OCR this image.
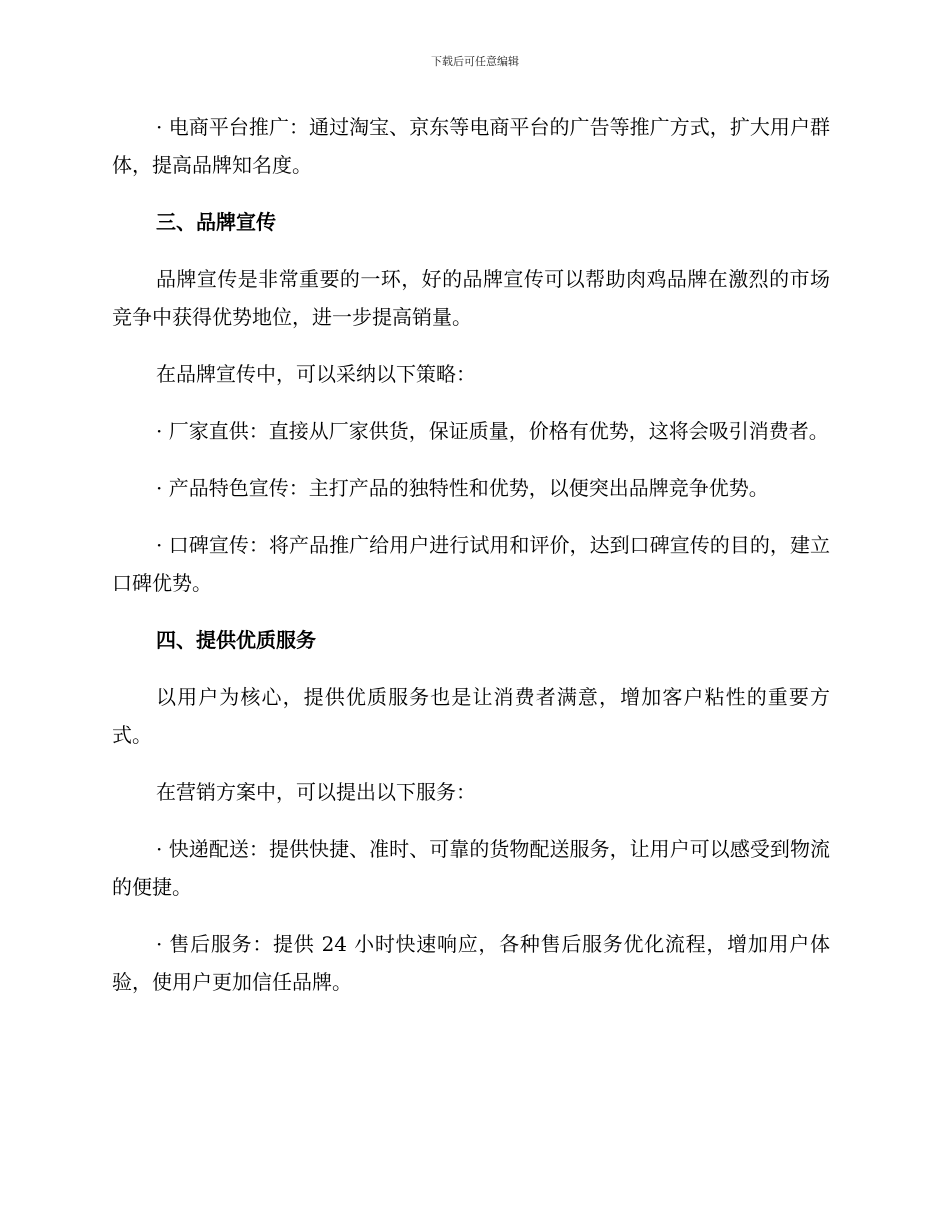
下载后可任意编辑

· 电商平台推广：通过淘宝、京东等电商平台的广告等推广方式，扩大用户群体，提高品牌知名度。

三、品牌宣传

品牌宣传是非常重要的一环，好的品牌宣传可以帮助肉鸡品牌在激烈的市场竞争中获得优势地位，进一步提高销量。

在品牌宣传中，可以采纳以下策略：

· 厂家直供：直接从厂家供货，保证质量，价格有优势，这将会吸引消费者。

· 产品特色宣传：主打产品的独特性和优势，以便突出品牌竞争优势。

· 口碑宣传：将产品推广给用户进行试用和评价，达到口碑宣传的目的，建立口碑优势。

四、提供优质服务

以用户为核心，提供优质服务也是让消费者满意，增加客户粘性的重要方式。

在营销方案中，可以提出以下服务：

· 快递配送：提供快捷、准时、可靠的货物配送服务，让用户可以感受到物流的便捷。

· 售后服务：提供 24 小时快速响应，各种售后服务优化流程，增加用户体验，使用户更加信任品牌。
